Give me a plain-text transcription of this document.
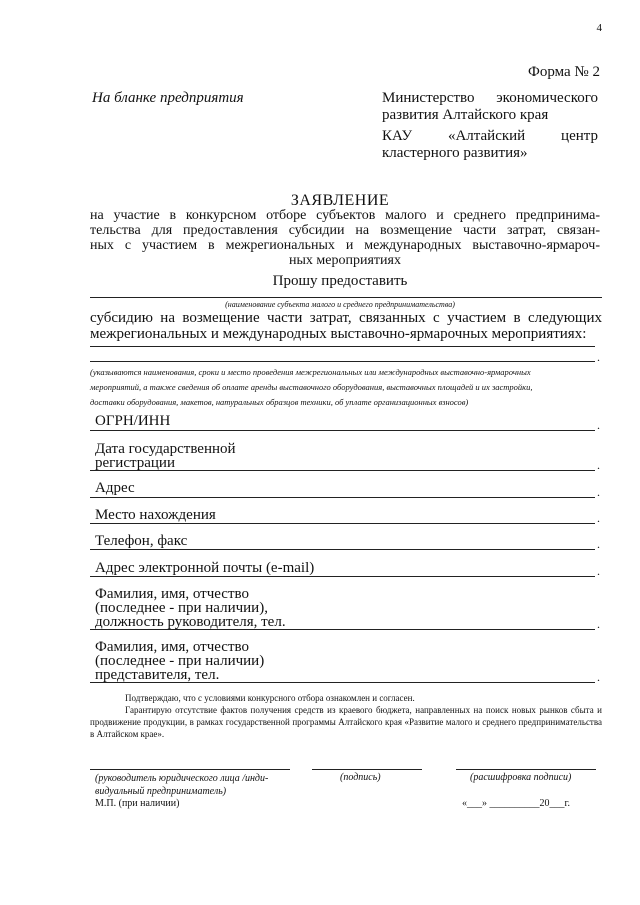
4
Форма № 2
На бланке предприятия	Министерство экономического
развития Алтайского края
КАУ «Алтайский центр
кластерного развития»
ЗАЯВЛЕНИЕ
на участие в конкурсном отборе субъектов малого и среднего предпринима-
тельства для предоставления субсидии на возмещение части затрат, связан-
ных с участием в межрегиональных и международных выставочно-ярмароч-
ных мероприятиях
Прошу предоставить
(наименование субъекта малого и среднего предпринимательства)
субсидию на возмещение части затрат, связанных с участием в следующих
межрегиональных и международных выставочно-ярмарочных мероприятиях:
.
(указываются наименования, сроки и место проведения межрегиональных или международных выставочно-ярмарочных
мероприятий, а также сведения об оплате аренды выставочного оборудования, выставочных площадей и их застройки,
доставки оборудования, макетов, натуральных образцов техники, об уплате организационных взносов)
ОГРН/ИНН	.
Дата государственной
регистрации	.
Адрес	.
Место нахождения	.
Телефон, факс	.
Адрес электронной почты (e-mail)	.
Фамилия, имя, отчество
(последнее - при наличии),
должность руководителя, тел.	.
Фамилия, имя, отчество
(последнее - при наличии)
представителя, тел.	.
Подтверждаю, что с условиями конкурсного отбора ознакомлен и согласен.
Гарантирую отсутствие фактов получения средств из краевого бюджета, направленных на поиск новых рынков сбыта и продвижение продукции, в рамках государственной программы Алтайского края «Развитие малого и среднего предпринимательства в Алтайском крае».
(руководитель юридического лица /инди-
видуальный предприниматель)
(подпись)	(расшифровка подписи)
М.П. (при наличии)	«___» __________20___г.
